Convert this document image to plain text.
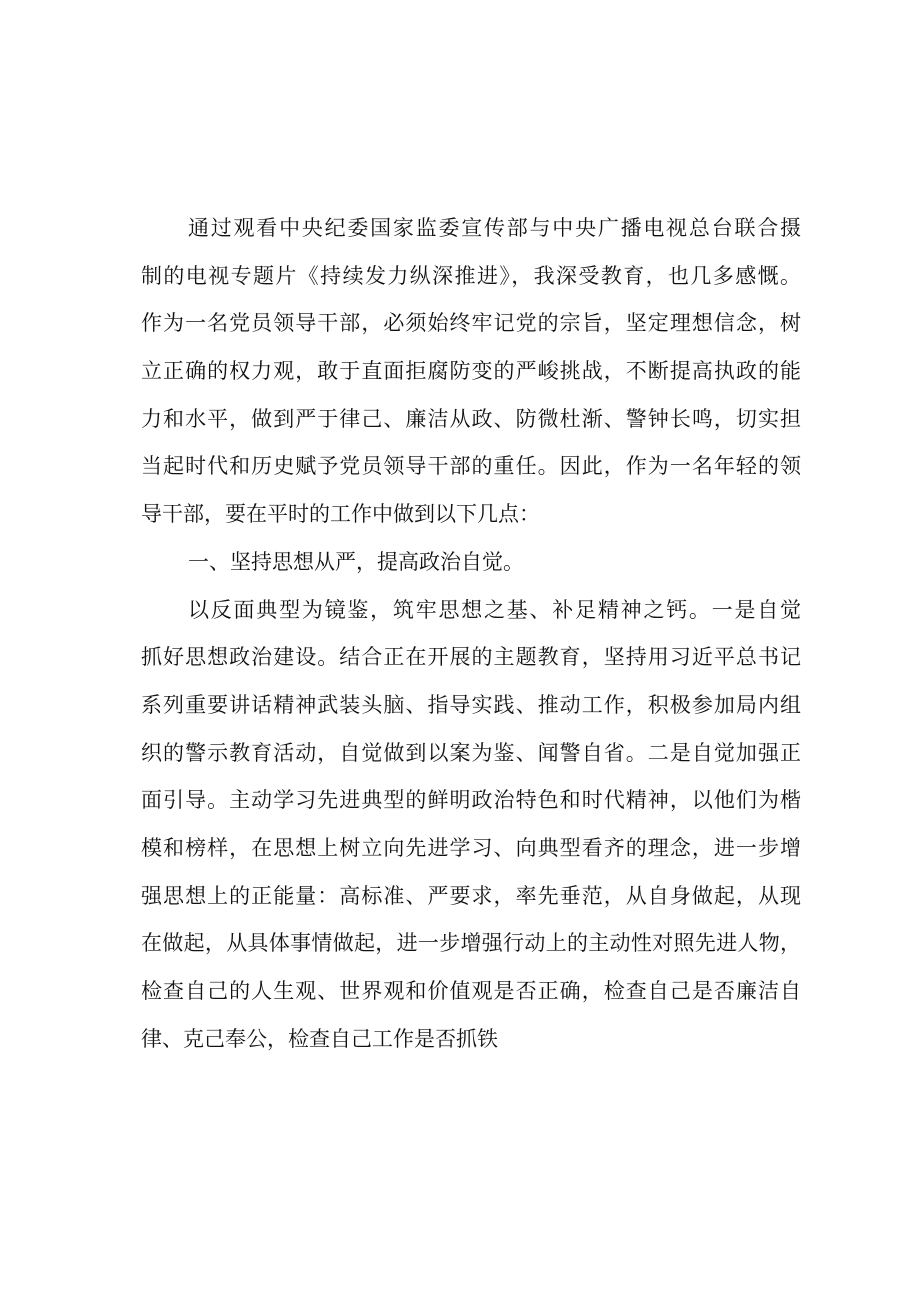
通过观看中央纪委国家监委宣传部与中央广播电视总台联合摄
制的电视专题片《持续发力纵深推进》，我深受教育，也几多感慨。
作为一名党员领导干部，必须始终牢记党的宗旨，坚定理想信念，树
立正确的权力观，敢于直面拒腐防变的严峻挑战，不断提高执政的能
力和水平，做到严于律己、廉洁从政、防微杜渐、警钟长鸣，切实担
当起时代和历史赋予党员领导干部的重任。因此，作为一名年轻的领
导干部，要在平时的工作中做到以下几点：
一、坚持思想从严，提高政治自觉。
以反面典型为镜鉴，筑牢思想之基、补足精神之钙。一是自觉
抓好思想政治建设。结合正在开展的主题教育，坚持用习近平总书记
系列重要讲话精神武装头脑、指导实践、推动工作，积极参加局内组
织的警示教育活动，自觉做到以案为鉴、闻警自省。二是自觉加强正
面引导。主动学习先进典型的鲜明政治特色和时代精神，以他们为楷
模和榜样，在思想上树立向先进学习、向典型看齐的理念，进一步增
强思想上的正能量：高标准、严要求，率先垂范，从自身做起，从现
在做起，从具体事情做起，进一步增强行动上的主动性对照先进人物，
检查自己的人生观、世界观和价值观是否正确，检查自己是否廉洁自
律、克己奉公，检查自己工作是否抓铁
